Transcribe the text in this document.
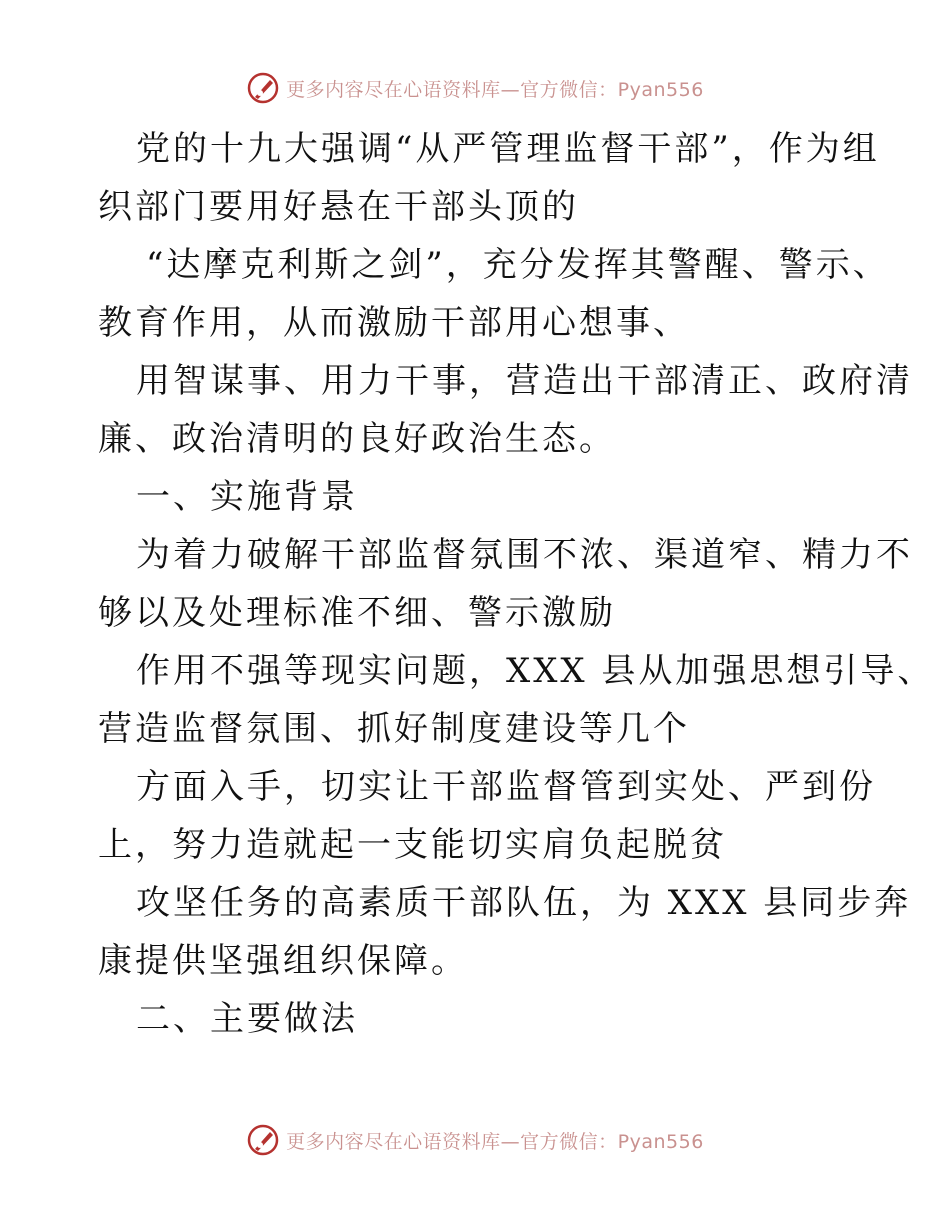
更多内容尽在心语资料库—官方微信：Pyan556
党的十九大强调“从严管理监督干部”，作为组
织部门要用好悬在干部头顶的
“达摩克利斯之剑”，充分发挥其警醒、警示、
教育作用，从而激励干部用心想事、
用智谋事、用力干事，营造出干部清正、政府清
廉、政治清明的良好政治生态。
一、实施背景
为着力破解干部监督氛围不浓、渠道窄、精力不
够以及处理标准不细、警示激励
作用不强等现实问题，XXX 县从加强思想引导、
营造监督氛围、抓好制度建设等几个
方面入手，切实让干部监督管到实处、严到份
上，努力造就起一支能切实肩负起脱贫
攻坚任务的高素质干部队伍，为 XXX 县同步奔
康提供坚强组织保障。
二、主要做法
更多内容尽在心语资料库—官方微信：Pyan556
